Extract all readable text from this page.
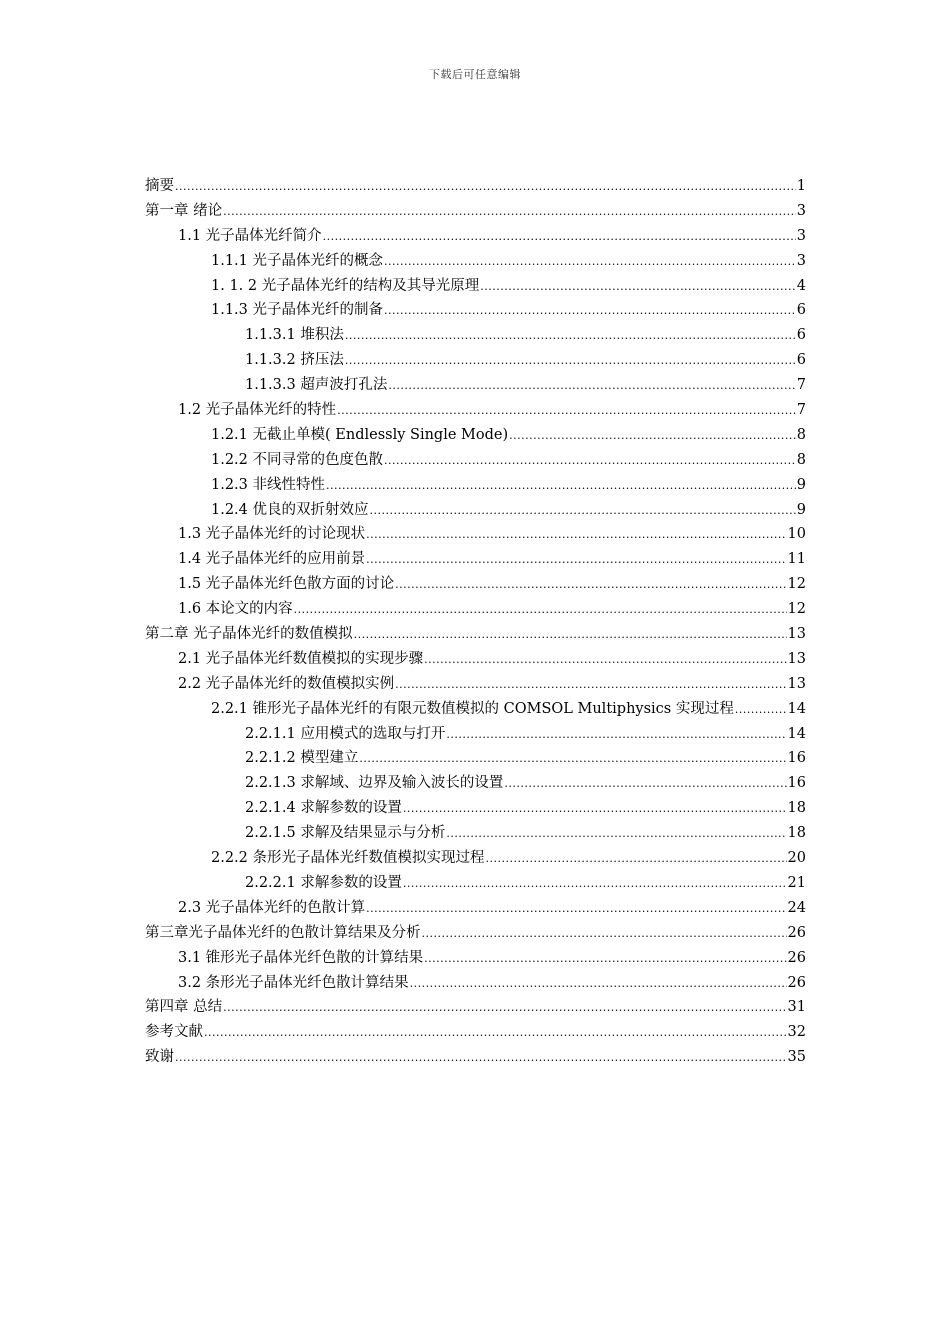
下载后可任意编辑
摘要 .....	1
第一章 绪论 .....	3
1.1 光子晶体光纤简介 .....	3
1.1.1 光子晶体光纤的概念 .....	3
1. 1. 2 光子晶体光纤的结构及其导光原理 .....	4
1.1.3 光子晶体光纤的制备 .....	6
1.1.3.1 堆积法 .....	6
1.1.3.2 挤压法 .....	6
1.1.3.3 超声波打孔法 .....	7
1.2 光子晶体光纤的特性 .....	7
1.2.1 无截止单模( Endlessly Single Mode) .....	8
1.2.2 不同寻常的色度色散 .....	8
1.2.3 非线性特性 .....	9
1.2.4 优良的双折射效应 .....	9
1.3 光子晶体光纤的讨论现状 .....	10
1.4 光子晶体光纤的应用前景 .....	11
1.5 光子晶体光纤色散方面的讨论 .....	12
1.6 本论文的内容 .....	12
第二章 光子晶体光纤的数值模拟 .....	13
2.1 光子晶体光纤数值模拟的实现步骤 .....	13
2.2 光子晶体光纤的数值模拟实例 .....	13
2.2.1 锥形光子晶体光纤的有限元数值模拟的 COMSOL Multiphysics 实现过程 .....	14
2.2.1.1 应用模式的选取与打开 .....	14
2.2.1.2 模型建立 .....	16
2.2.1.3 求解域、边界及输入波长的设置 .....	16
2.2.1.4 求解参数的设置 .....	18
2.2.1.5 求解及结果显示与分析 .....	18
2.2.2 条形光子晶体光纤数值模拟实现过程 .....	20
2.2.2.1 求解参数的设置 .....	21
2.3 光子晶体光纤的色散计算 .....	24
第三章光子晶体光纤的色散计算结果及分析 .....	26
3.1 锥形光子晶体光纤色散的计算结果 .....	26
3.2 条形光子晶体光纤色散计算结果 .....	26
第四章 总结 .....	31
参考文献 .....	32
致谢 .....	35
